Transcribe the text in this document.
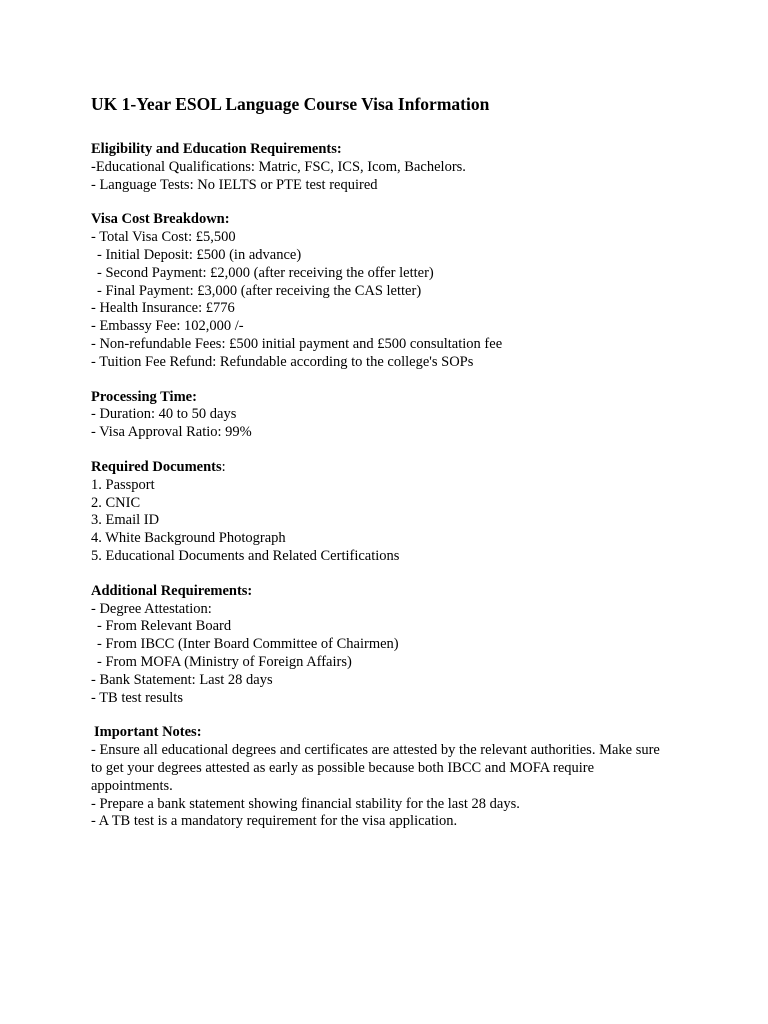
UK 1-Year ESOL Language Course Visa Information
Eligibility and Education Requirements:
-Educational Qualifications: Matric, FSC, ICS, Icom, Bachelors.
- Language Tests: No IELTS or PTE test required
Visa Cost Breakdown:
- Total Visa Cost: £5,500
- Initial Deposit: £500 (in advance)
- Second Payment: £2,000 (after receiving the offer letter)
- Final Payment: £3,000 (after receiving the CAS letter)
- Health Insurance: £776
- Embassy Fee: 102,000 /-
- Non-refundable Fees: £500 initial payment and £500 consultation fee
- Tuition Fee Refund: Refundable according to the college's SOPs
Processing Time:
- Duration: 40 to 50 days
- Visa Approval Ratio: 99%
Required Documents:
1. Passport
2. CNIC
3. Email ID
4. White Background Photograph
5. Educational Documents and Related Certifications
Additional Requirements:
- Degree Attestation:
- From Relevant Board
- From IBCC (Inter Board Committee of Chairmen)
- From MOFA (Ministry of Foreign Affairs)
- Bank Statement: Last 28 days
- TB test results
Important Notes:
- Ensure all educational degrees and certificates are attested by the relevant authorities. Make sure to get your degrees attested as early as possible because both IBCC and MOFA require appointments.
- Prepare a bank statement showing financial stability for the last 28 days.
- A TB test is a mandatory requirement for the visa application.
